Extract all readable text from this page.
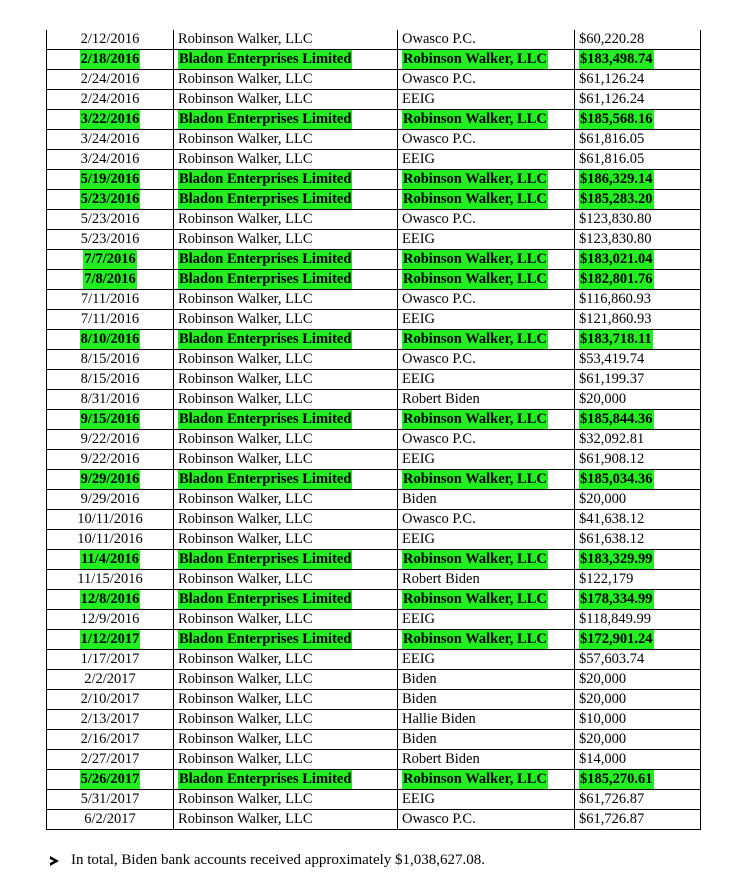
2/12/2016	Robinson Walker, LLC	Owasco P.C.	$60,220.28
2/18/2016	Bladon Enterprises Limited	Robinson Walker, LLC	$183,498.74
2/24/2016	Robinson Walker, LLC	Owasco P.C.	$61,126.24
2/24/2016	Robinson Walker, LLC	EEIG	$61,126.24
3/22/2016	Bladon Enterprises Limited	Robinson Walker, LLC	$185,568.16
3/24/2016	Robinson Walker, LLC	Owasco P.C.	$61,816.05
3/24/2016	Robinson Walker, LLC	EEIG	$61,816.05
5/19/2016	Bladon Enterprises Limited	Robinson Walker, LLC	$186,329.14
5/23/2016	Bladon Enterprises Limited	Robinson Walker, LLC	$185,283.20
5/23/2016	Robinson Walker, LLC	Owasco P.C.	$123,830.80
5/23/2016	Robinson Walker, LLC	EEIG	$123,830.80
7/7/2016	Bladon Enterprises Limited	Robinson Walker, LLC	$183,021.04
7/8/2016	Bladon Enterprises Limited	Robinson Walker, LLC	$182,801.76
7/11/2016	Robinson Walker, LLC	Owasco P.C.	$116,860.93
7/11/2016	Robinson Walker, LLC	EEIG	$121,860.93
8/10/2016	Bladon Enterprises Limited	Robinson Walker, LLC	$183,718.11
8/15/2016	Robinson Walker, LLC	Owasco P.C.	$53,419.74
8/15/2016	Robinson Walker, LLC	EEIG	$61,199.37
8/31/2016	Robinson Walker, LLC	Robert Biden	$20,000
9/15/2016	Bladon Enterprises Limited	Robinson Walker, LLC	$185,844.36
9/22/2016	Robinson Walker, LLC	Owasco P.C.	$32,092.81
9/22/2016	Robinson Walker, LLC	EEIG	$61,908.12
9/29/2016	Bladon Enterprises Limited	Robinson Walker, LLC	$185,034.36
9/29/2016	Robinson Walker, LLC	Biden	$20,000
10/11/2016	Robinson Walker, LLC	Owasco P.C.	$41,638.12
10/11/2016	Robinson Walker, LLC	EEIG	$61,638.12
11/4/2016	Bladon Enterprises Limited	Robinson Walker, LLC	$183,329.99
11/15/2016	Robinson Walker, LLC	Robert Biden	$122,179
12/8/2016	Bladon Enterprises Limited	Robinson Walker, LLC	$178,334.99
12/9/2016	Robinson Walker, LLC	EEIG	$118,849.99
1/12/2017	Bladon Enterprises Limited	Robinson Walker, LLC	$172,901.24
1/17/2017	Robinson Walker, LLC	EEIG	$57,603.74
2/2/2017	Robinson Walker, LLC	Biden	$20,000
2/10/2017	Robinson Walker, LLC	Biden	$20,000
2/13/2017	Robinson Walker, LLC	Hallie Biden	$10,000
2/16/2017	Robinson Walker, LLC	Biden	$20,000
2/27/2017	Robinson Walker, LLC	Robert Biden	$14,000
5/26/2017	Bladon Enterprises Limited	Robinson Walker, LLC	$185,270.61
5/31/2017	Robinson Walker, LLC	EEIG	$61,726.87
6/2/2017	Robinson Walker, LLC	Owasco P.C.	$61,726.87
In total, Biden bank accounts received approximately $1,038,627.08.
